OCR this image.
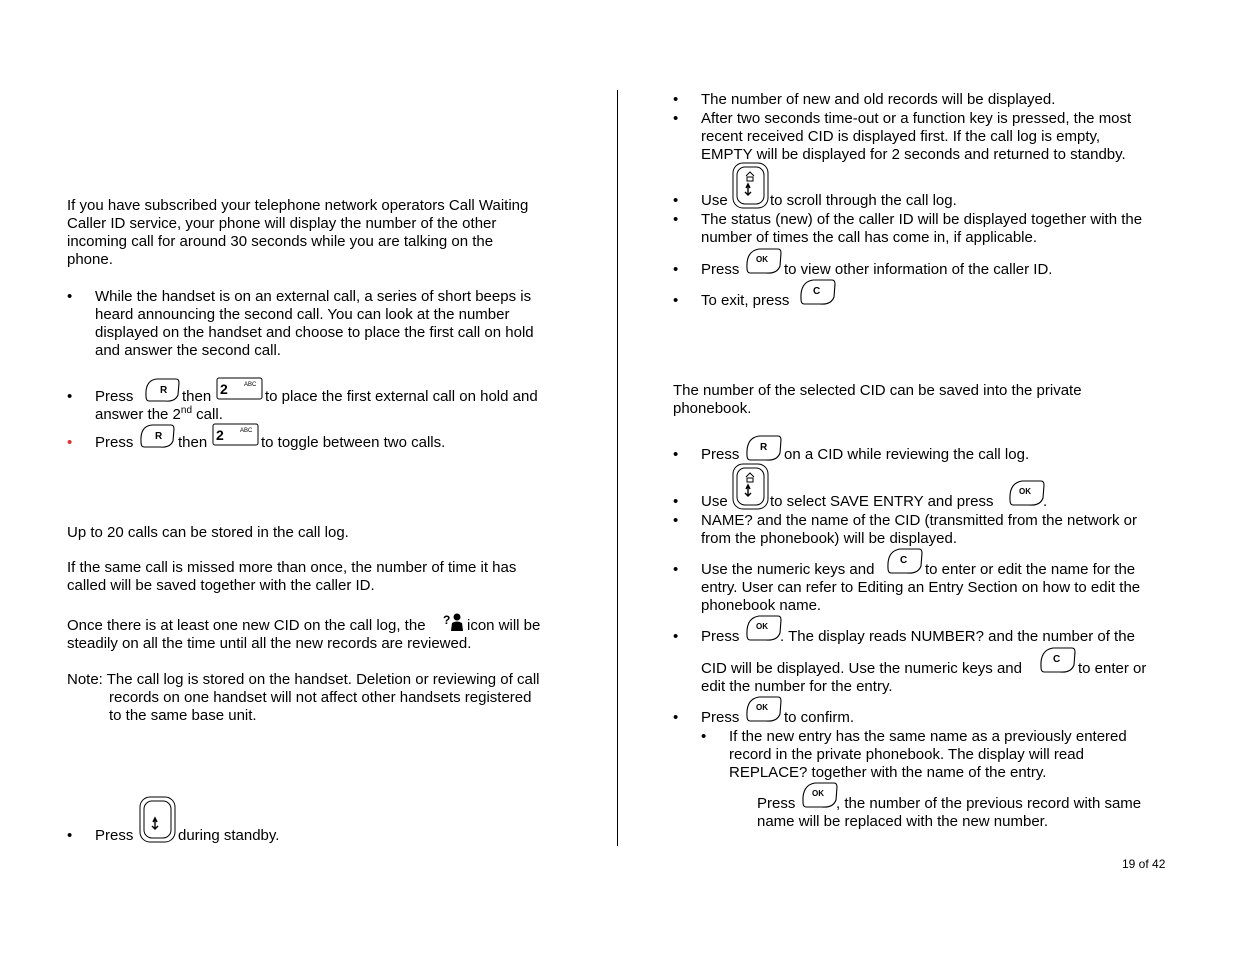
If you have subscribed your telephone network operators Call Waiting
Caller ID service, your phone will display the number of the other
incoming call for around 30 seconds while you are talking on the
phone.
• While the handset is on an external call, a series of short beeps is
heard announcing the second call. You can look at the number
displayed on the handset and choose to place the first call on hold
and answer the second call.
• Press	R then 2	ABC
to place the first external call on hold and
answer the 2nd call.
• Press R then 2	ABC
to toggle between two calls.
Up to 20 calls can be stored in the call log.
If the same call is missed more than once, the number of time it has
called will be saved together with the caller ID.
Once there is at least one new CID on the call log, the ? icon will be
steadily on all the time until all the new records are reviewed.
Note: The call log is stored on the handset. Deletion or reviewing of call
records on one handset will not affect other handsets registered
to the same base unit.
• Press	during standby.
• The number of new and old records will be displayed.
• After two seconds time-out or a function key is pressed, the most
recent received CID is displayed first. If the call log is empty,
EMPTY will be displayed for 2 seconds and returned to standby.
• Use	to scroll through the call log.
• The status (new) of the caller ID will be displayed together with the
number of times the call has come in, if applicable.
• Press
OK
to view other information of the caller ID.
• To exit, press
C
The number of the selected CID can be saved into the private
phonebook.
• Press R on a CID while reviewing the call log.
• Use	to select SAVE ENTRY and press
OK
.
• NAME? and the name of the CID (transmitted from the network or
from the phonebook) will be displayed.
• Use the numeric keys and
C
to enter or edit the name for the
entry. User can refer to Editing an Entry Section on how to edit the
phonebook name.
• Press
OK
. The display reads NUMBER? and the number of the
CID will be displayed. Use the numeric keys and
C
to enter or
edit the number for the entry.
• Press
OK
to confirm.
• If the new entry has the same name as a previously entered
record in the private phonebook. The display will read
REPLACE? together with the name of the entry.
Press
OK
, the number of the previous record with same
name will be replaced with the new number.
19 of 42
